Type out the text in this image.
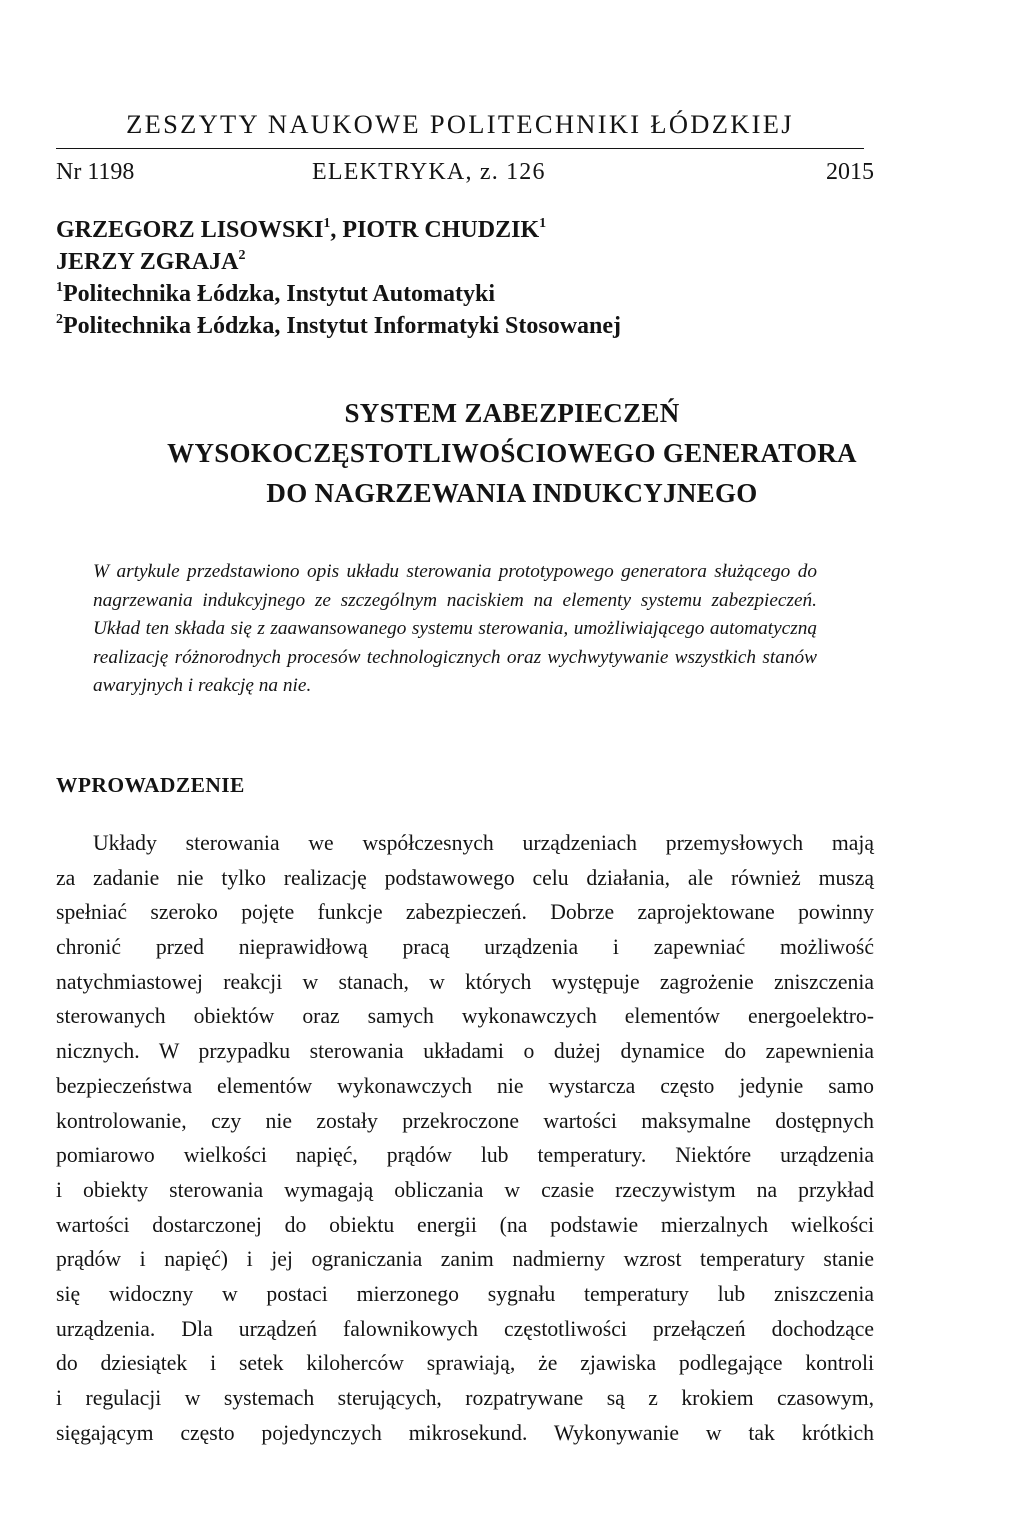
ZESZYTY NAUKOWE POLITECHNIKI ŁÓDZKIEJ
Nr 1198	ELEKTRYKA, z. 126	2015
GRZEGORZ LISOWSKI$^1$, PIOTR CHUDZIK$^1$
JERZY ZGRAJA$^2$
$^1$Politechnika Łódzka, Instytut Automatyki
$^2$Politechnika Łódzka, Instytut Informatyki Stosowanej
SYSTEM ZABEZPIECZEŃ
WYSOKOCZĘSTOTLIWOŚCIOWEGO GENERATORA
DO NAGRZEWANIA INDUKCYJNEGO

W artykule przedstawiono opis układu sterowania prototypowego generatora służącego do nagrzewania indukcyjnego ze szczególnym naciskiem na elementy systemu zabezpieczeń. Układ ten składa się z zaawansowanego systemu sterowania, umożliwiającego automatyczną realizację różnorodnych procesów technologicznych oraz wychwytywanie wszystkich stanów awaryjnych i reakcję na nie.

WPROWADZENIE
Układy sterowania we współczesnych urządzeniach przemysłowych mają
za zadanie nie tylko realizację podstawowego celu działania, ale również muszą
spełniać szeroko pojęte funkcje zabezpieczeń. Dobrze zaprojektowane powinny
chronić przed nieprawidłową pracą urządzenia i zapewniać możliwość
natychmiastowej reakcji w stanach, w których występuje zagrożenie zniszczenia
sterowanych obiektów oraz samych wykonawczych elementów energoelektro-
nicznych. W przypadku sterowania układami o dużej dynamice do zapewnienia
bezpieczeństwa elementów wykonawczych nie wystarcza często jedynie samo
kontrolowanie, czy nie zostały przekroczone wartości maksymalne dostępnych
pomiarowo wielkości napięć, prądów lub temperatury. Niektóre urządzenia
i obiekty sterowania wymagają obliczania w czasie rzeczywistym na przykład
wartości dostarczonej do obiektu energii (na podstawie mierzalnych wielkości
prądów i napięć) i jej ograniczania zanim nadmierny wzrost temperatury stanie
się widoczny w postaci mierzonego sygnału temperatury lub zniszczenia
urządzenia. Dla urządzeń falownikowych częstotliwości przełączeń dochodzące
do dziesiątek i setek kiloherców sprawiają, że zjawiska podlegające kontroli
i regulacji w systemach sterujących, rozpatrywane są z krokiem czasowym,
sięgającym często pojedynczych mikrosekund. Wykonywanie w tak krótkich
